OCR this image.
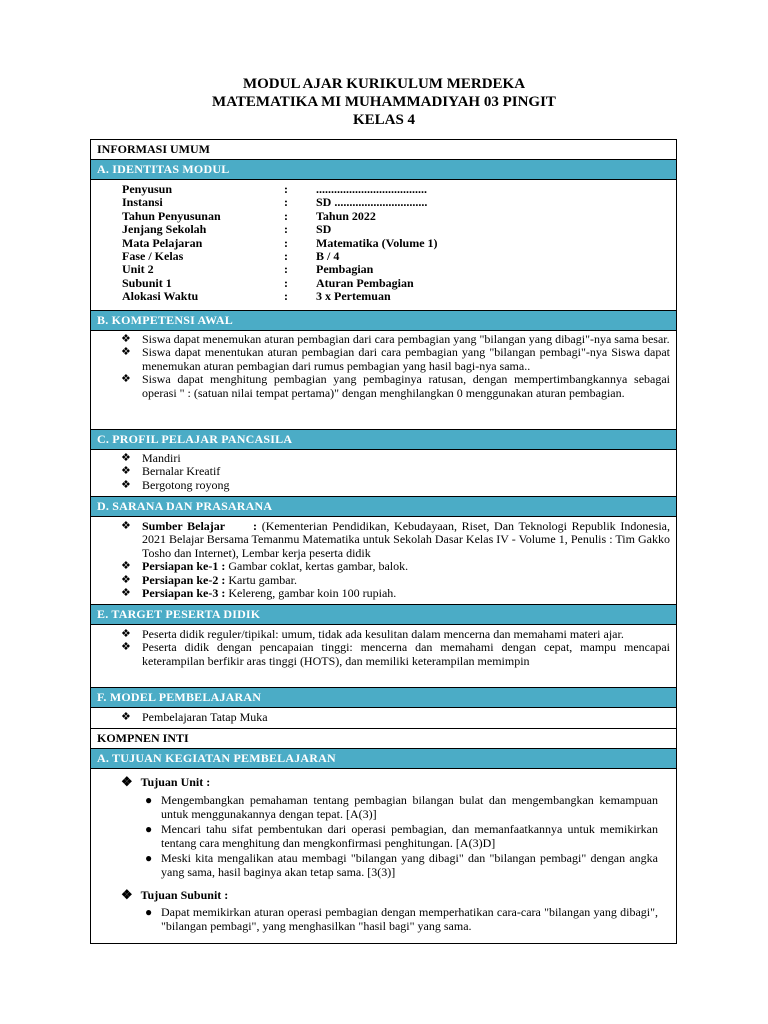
MODUL AJAR KURIKULUM MERDEKA
MATEMATIKA MI MUHAMMADIYAH 03 PINGIT
KELAS 4
INFORMASI UMUM
A. IDENTITAS MODUL
Penyusun	: .....................................
Instansi	: SD ...............................
Tahun Penyusunan	: Tahun 2022
Jenjang Sekolah	: SD
Mata Pelajaran	: Matematika (Volume 1)
Fase / Kelas	: B / 4
Unit 2	: Pembagian
Subunit 1	: Aturan Pembagian
Alokasi Waktu	: 3 x Pertemuan
B. KOMPETENSI AWAL
❖ Siswa dapat menemukan aturan pembagian dari cara pembagian yang "bilangan yang dibagi"-nya sama besar.
❖ Siswa dapat menentukan aturan pembagian dari cara pembagian yang "bilangan pembagi"-nya Siswa dapat menemukan aturan pembagian dari rumus pembagian yang hasil bagi-nya sama..
❖ Siswa dapat menghitung pembagian yang pembaginya ratusan, dengan mempertimbangkannya sebagai operasi " : (satuan nilai tempat pertama)" dengan menghilangkan 0 menggunakan aturan pembagian.
C. PROFIL PELAJAR PANCASILA
❖ Mandiri
❖ Bernalar Kreatif
❖ Bergotong royong
D. SARANA DAN PRASARANA
❖ Sumber Belajar      : (Kementerian Pendidikan, Kebudayaan, Riset, Dan Teknologi Republik Indonesia, 2021 Belajar Bersama Temanmu Matematika untuk Sekolah Dasar Kelas IV - Volume 1, Penulis : Tim Gakko Tosho dan Internet), Lembar kerja peserta didik
❖ Persiapan ke-1 : Gambar coklat, kertas gambar, balok.
❖ Persiapan ke-2 : Kartu gambar.
❖ Persiapan ke-3 : Kelereng, gambar koin 100 rupiah.
E. TARGET PESERTA DIDIK
❖ Peserta didik reguler/tipikal: umum, tidak ada kesulitan dalam mencerna dan memahami materi ajar.
❖ Peserta didik dengan pencapaian tinggi: mencerna dan memahami dengan cepat, mampu mencapai keterampilan berfikir aras tinggi (HOTS), dan memiliki keterampilan memimpin
F. MODEL PEMBELAJARAN
❖ Pembelajaran Tatap Muka
KOMPNEN INTI
A. TUJUAN KEGIATAN PEMBELAJARAN
❖ Tujuan Unit :
● Mengembangkan pemahaman tentang pembagian bilangan bulat dan mengembangkan kemampuan untuk menggunakannya dengan tepat. [A(3)]
● Mencari tahu sifat pembentukan dari operasi pembagian, dan memanfaatkannya untuk memikirkan tentang cara menghitung dan mengkonfirmasi penghitungan. [A(3)D]
● Meski kita mengalikan atau membagi "bilangan yang dibagi" dan "bilangan pembagi" dengan angka yang sama, hasil baginya akan tetap sama. [3(3)]
❖ Tujuan Subunit :
● Dapat memikirkan aturan operasi pembagian dengan memperhatikan cara-cara "bilangan yang dibagi", "bilangan pembagi", yang menghasilkan "hasil bagi" yang sama.
